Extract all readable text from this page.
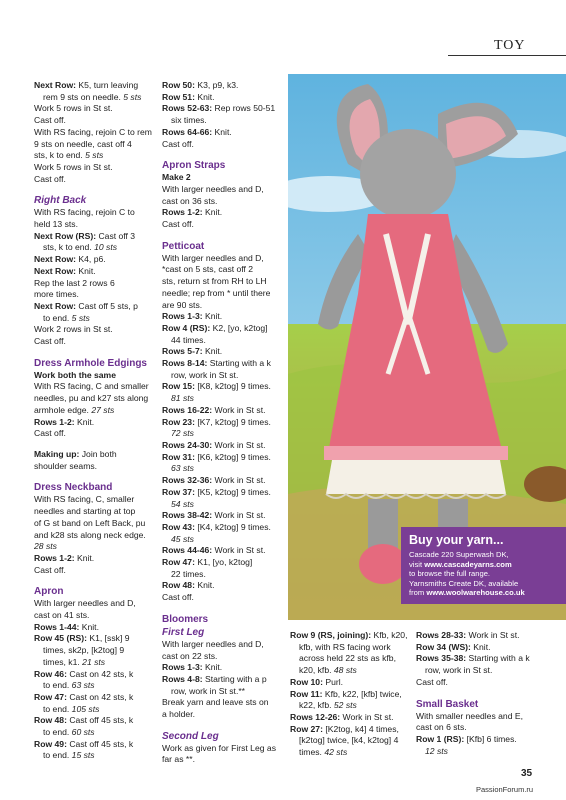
TOY

Next Row: K5, turn leaving

rem 9 sts on needle. 5 sts

Work 5 rows in St st.

Cast off.

With RS facing, rejoin C to rem

9 sts on needle, cast off 4

sts, k to end. 5 sts

Work 5 rows in St st.

Cast off.

Right Back

With RS facing, rejoin C to

held 13 sts.

Next Row (RS): Cast off 3

sts, k to end. 10 sts

Next Row: K4, p6.

Next Row: Knit.

Rep the last 2 rows 6

more times.

Next Row: Cast off 5 sts, p

to end. 5 sts

Work 2 rows in St st.

Cast off.

Dress Armhole Edgings

Work both the same

With RS facing, C and smaller

needles, pu and k27 sts along

armhole edge. 27 sts

Rows 1-2: Knit.

Cast off.

Making up: Join both

shoulder seams.

Dress Neckband

With RS facing, C, smaller

needles and starting at top

of G st band on Left Back, pu

and k28 sts along neck edge.

28 sts

Rows 1-2: Knit.

Cast off.

Apron

With larger needles and D,

cast on 41 sts.

Rows 1-44: Knit.

Row 45 (RS): K1, [ssk] 9

times, sk2p, [k2tog] 9

times, k1. 21 sts

Row 46: Cast on 42 sts, k

to end. 63 sts

Row 47: Cast on 42 sts, k

to end. 105 sts

Row 48: Cast off 45 sts, k

to end. 60 sts

Row 49: Cast off 45 sts, k

to end. 15 sts

Row 50: K3, p9, k3.

Row 51: Knit.

Rows 52-63: Rep rows 50-51

six times.

Rows 64-66: Knit.

Cast off.

Apron Straps

Make 2

With larger needles and D,

cast on 36 sts.

Rows 1-2: Knit.

Cast off.

Petticoat

With larger needles and D,

*cast on 5 sts, cast off 2

sts, return st from RH to LH

needle; rep from * until there

are 90 sts.

Rows 1-3: Knit.

Row 4 (RS): K2, [yo, k2tog]

44 times.

Rows 5-7: Knit.

Rows 8-14: Starting with a k

row, work in St st.

Row 15: [K8, k2tog] 9 times.

81 sts

Rows 16-22: Work in St st.

Row 23: [K7, k2tog] 9 times.

72 sts

Rows 24-30: Work in St st.

Row 31: [K6, k2tog] 9 times.

63 sts

Rows 32-36: Work in St st.

Row 37: [K5, k2tog] 9 times.

54 sts

Rows 38-42: Work in St st.

Row 43: [K4, k2tog] 9 times.

45 sts

Rows 44-46: Work in St st.

Row 47: K1, [yo, k2tog]

22 times.

Row 48: Knit.

Cast off.

Bloomers

First Leg

With larger needles and D,

cast on 22 sts.

Rows 1-3: Knit.

Rows 4-8: Starting with a p

row, work in St st.**

Break yarn and leave sts on

a holder.

Second Leg

Work as given for First Leg as

far as **.

Buy your yarn...
Cascade 220 Superwash DK,
visit www.cascadeyarns.com
to browse the full range.
Yarnsmiths Create DK, available
from www.woolwarehouse.co.uk

Row 9 (RS, joining): Kfb, k20,

kfb, with RS facing work

across held 22 sts as kfb,

k20, kfb. 48 sts

Row 10: Purl.

Row 11: Kfb, k22, [kfb] twice,

k22, kfb. 52 sts

Rows 12-26: Work in St st.

Row 27: [K2tog, k4] 4 times,

[k2tog] twice, [k4, k2tog] 4

times. 42 sts

Rows 28-33: Work in St st.

Row 34 (WS): Knit.

Rows 35-38: Starting with a k

row, work in St st.

Cast off.

Small Basket

With smaller needles and E,

cast on 6 sts.

Row 1 (RS): [Kfb] 6 times.

12 sts

35
PassionForum.ru
